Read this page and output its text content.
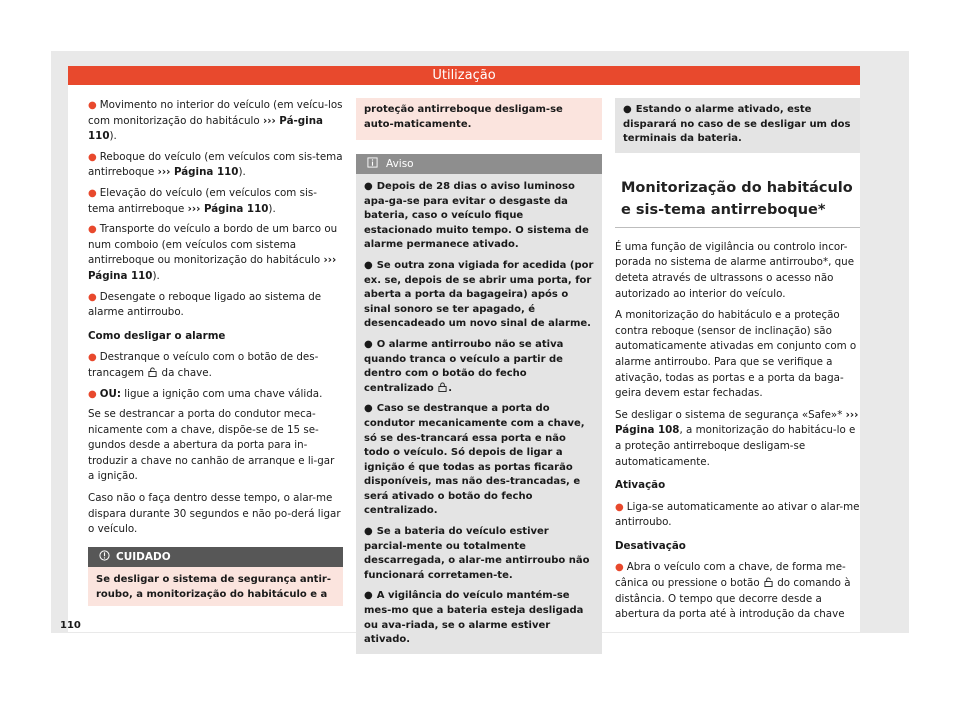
Utilização

● Movimento no interior do veículo (em veícu-los com monitorização do habitáculo ››› Pá-gina 110).

● Reboque do veículo (em veículos com sis-tema antirreboque ››› Página 110).

● Elevação do veículo (em veículos com sis-tema antirreboque ››› Página 110).

● Transporte do veículo a bordo de um barco ou num comboio (em veículos com sistema antirreboque ou monitorização do habitáculo ››› Página 110).

● Desengate o reboque ligado ao sistema de alarme antirroubo.

Como desligar o alarme

● Destranque o veículo com o botão de des-trancagem  da chave.

● OU: ligue a ignição com uma chave válida.

Se se destrancar a porta do condutor meca-nicamente com a chave, dispõe-se de 15 se-gundos desde a abertura da porta para in-troduzir a chave no canhão de arranque e li-gar a ignição.

Caso não o faça dentro desse tempo, o alar-me dispara durante 30 segundos e não po-derá ligar o veículo.

CUIDADO
Se desligar o sistema de segurança antir-roubo, a monitorização do habitáculo e a
110
proteção antirreboque desligam-se auto-maticamente.
Aviso

● Depois de 28 dias o aviso luminoso apa-ga-se para evitar o desgaste da bateria, caso o veículo fique estacionado muito tempo. O sistema de alarme permanece ativado.

● Se outra zona vigiada for acedida (por ex. se, depois de se abrir uma porta, for aberta a porta da bagageira) após o sinal sonoro se ter apagado, é desencadeado um novo sinal de alarme.

● O alarme antirroubo não se ativa quando tranca o veículo a partir de dentro com o botão do fecho centralizado .

● Caso se destranque a porta do condutor mecanicamente com a chave, só se des-trancará essa porta e não todo o veículo. Só depois de ligar a ignição é que todas as portas ficarão disponíveis, mas não des-trancadas, e será ativado o botão do fecho centralizado.

● Se a bateria do veículo estiver parcial-mente ou totalmente descarregada, o alar-me antirroubo não funcionará corretamen-te.

● A vigilância do veículo mantém-se mes-mo que a bateria esteja desligada ou ava-riada, se o alarme estiver ativado.

● Estando o alarme ativado, este disparará no caso de se desligar um dos terminais da bateria.

Monitorização do habitáculo e sis-tema antirreboque*

É uma função de vigilância ou controlo incor-porada no sistema de alarme antirroubo*, que deteta através de ultrassons o acesso não autorizado ao interior do veículo.

A monitorização do habitáculo e a proteção contra reboque (sensor de inclinação) são automaticamente ativadas em conjunto com o alarme antirroubo. Para que se verifique a ativação, todas as portas e a porta da baga-geira devem estar fechadas.

Se desligar o sistema de segurança «Safe»* ››› Página 108, a monitorização do habitácu-lo e a proteção antirreboque desligam-se automaticamente.

Ativação

● Liga-se automaticamente ao ativar o alar-me antirroubo.

Desativação

● Abra o veículo com a chave, de forma me-cânica ou pressione o botão  do comando à distância. O tempo que decorre desde a abertura da porta até à introdução da chave
